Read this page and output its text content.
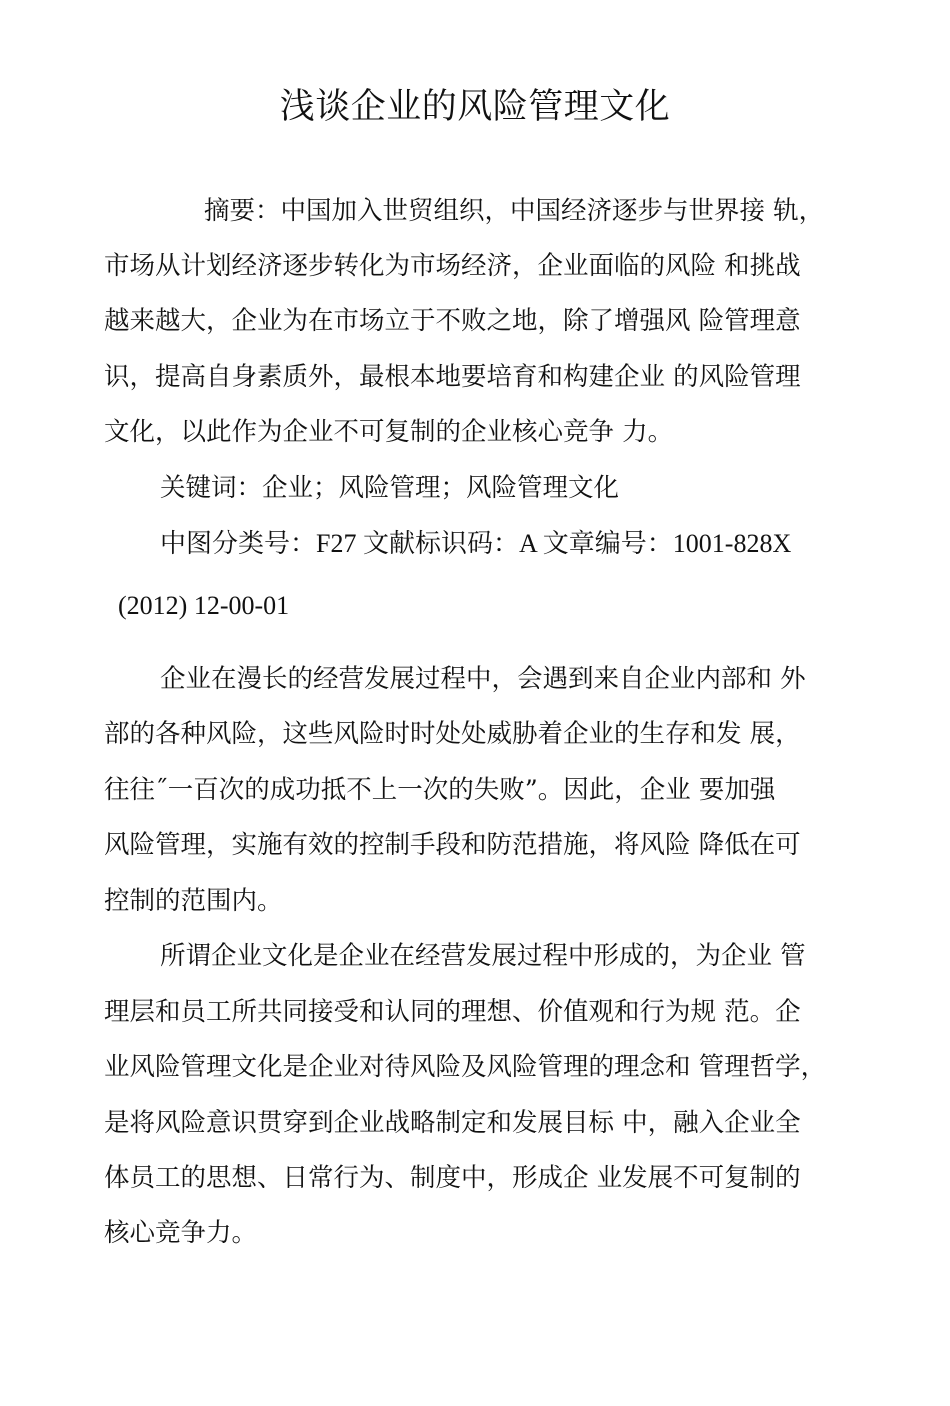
浅谈企业的风险管理文化
摘要：中国加入世贸组织，中国经济逐步与世界接 轨，
市场从计划经济逐步转化为市场经济，企业面临的风险 和挑战
越来越大，企业为在市场立于不败之地，除了增强风 险管理意
识，提高自身素质外，最根本地要培育和构建企业 的风险管理
文化，以此作为企业不可复制的企业核心竞争 力。
关键词：企业；风险管理；风险管理文化
中图分类号：F27 文献标识码：A 文章编号：1001-828X
(2012) 12-00-01
企业在漫长的经营发展过程中，会遇到来自企业内部和 外
部的各种风险，这些风险时时处处威胁着企业的生存和发 展，
往往˝一百次的成功抵不上一次的失败”。因此，企业 要加强
风险管理，实施有效的控制手段和防范措施，将风险 降低在可
控制的范围内。
所谓企业文化是企业在经营发展过程中形成的，为企业 管
理层和员工所共同接受和认同的理想、价值观和行为规 范。企
业风险管理文化是企业对待风险及风险管理的理念和 管理哲学，
是将风险意识贯穿到企业战略制定和发展目标 中，融入企业全
体员工的思想、日常行为、制度中，形成企 业发展不可复制的
核心竞争力。
